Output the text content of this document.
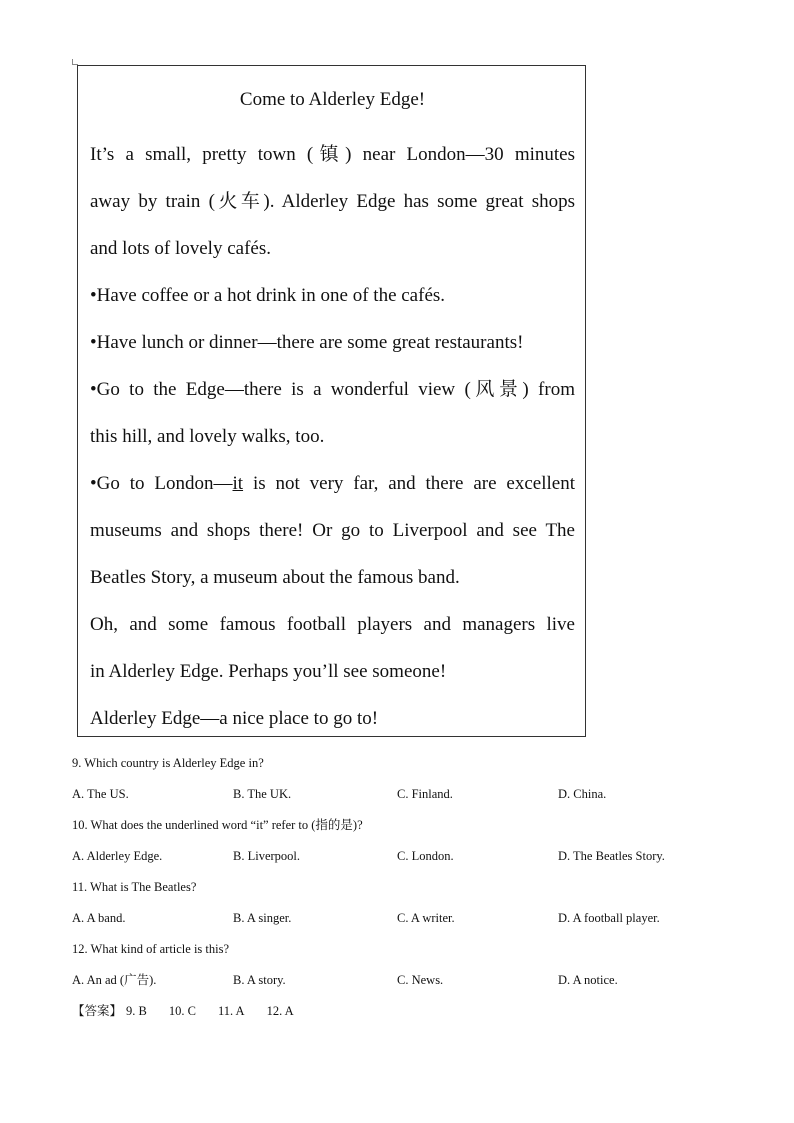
Come to Alderley Edge!

It’s a small, pretty town (镇) near London—30 minutes

away by train (火车). Alderley Edge has some great shops

and lots of lovely cafés.

•Have coffee or a hot drink in one of the cafés.

•Have lunch or dinner—there are some great restaurants!

•Go to the Edge—there is a wonderful view (风景) from

this hill, and lovely walks, too.

•Go to London—it is not very far, and there are excellent

museums and shops there! Or go to Liverpool and see The

Beatles Story, a museum about the famous band.

Oh, and some famous football players and managers live

in Alderley Edge. Perhaps you’ll see someone!

Alderley Edge—a nice place to go to!

9. Which country is Alderley Edge in?
A. The US.	B. The UK.	C. Finland.	D. China.
10. What does the underlined word “it” refer to (指的是)?
A. Alderley Edge.	B. Liverpool.	C. London.	D. The Beatles Story.
11. What is The Beatles?
A. A band.	B. A singer.	C. A writer.	D. A football player.
12. What kind of article is this?
A. An ad (广告).	B. A story.	C. News.	D. A notice.
【答案】 9. B 10. C 11. A 12. A
